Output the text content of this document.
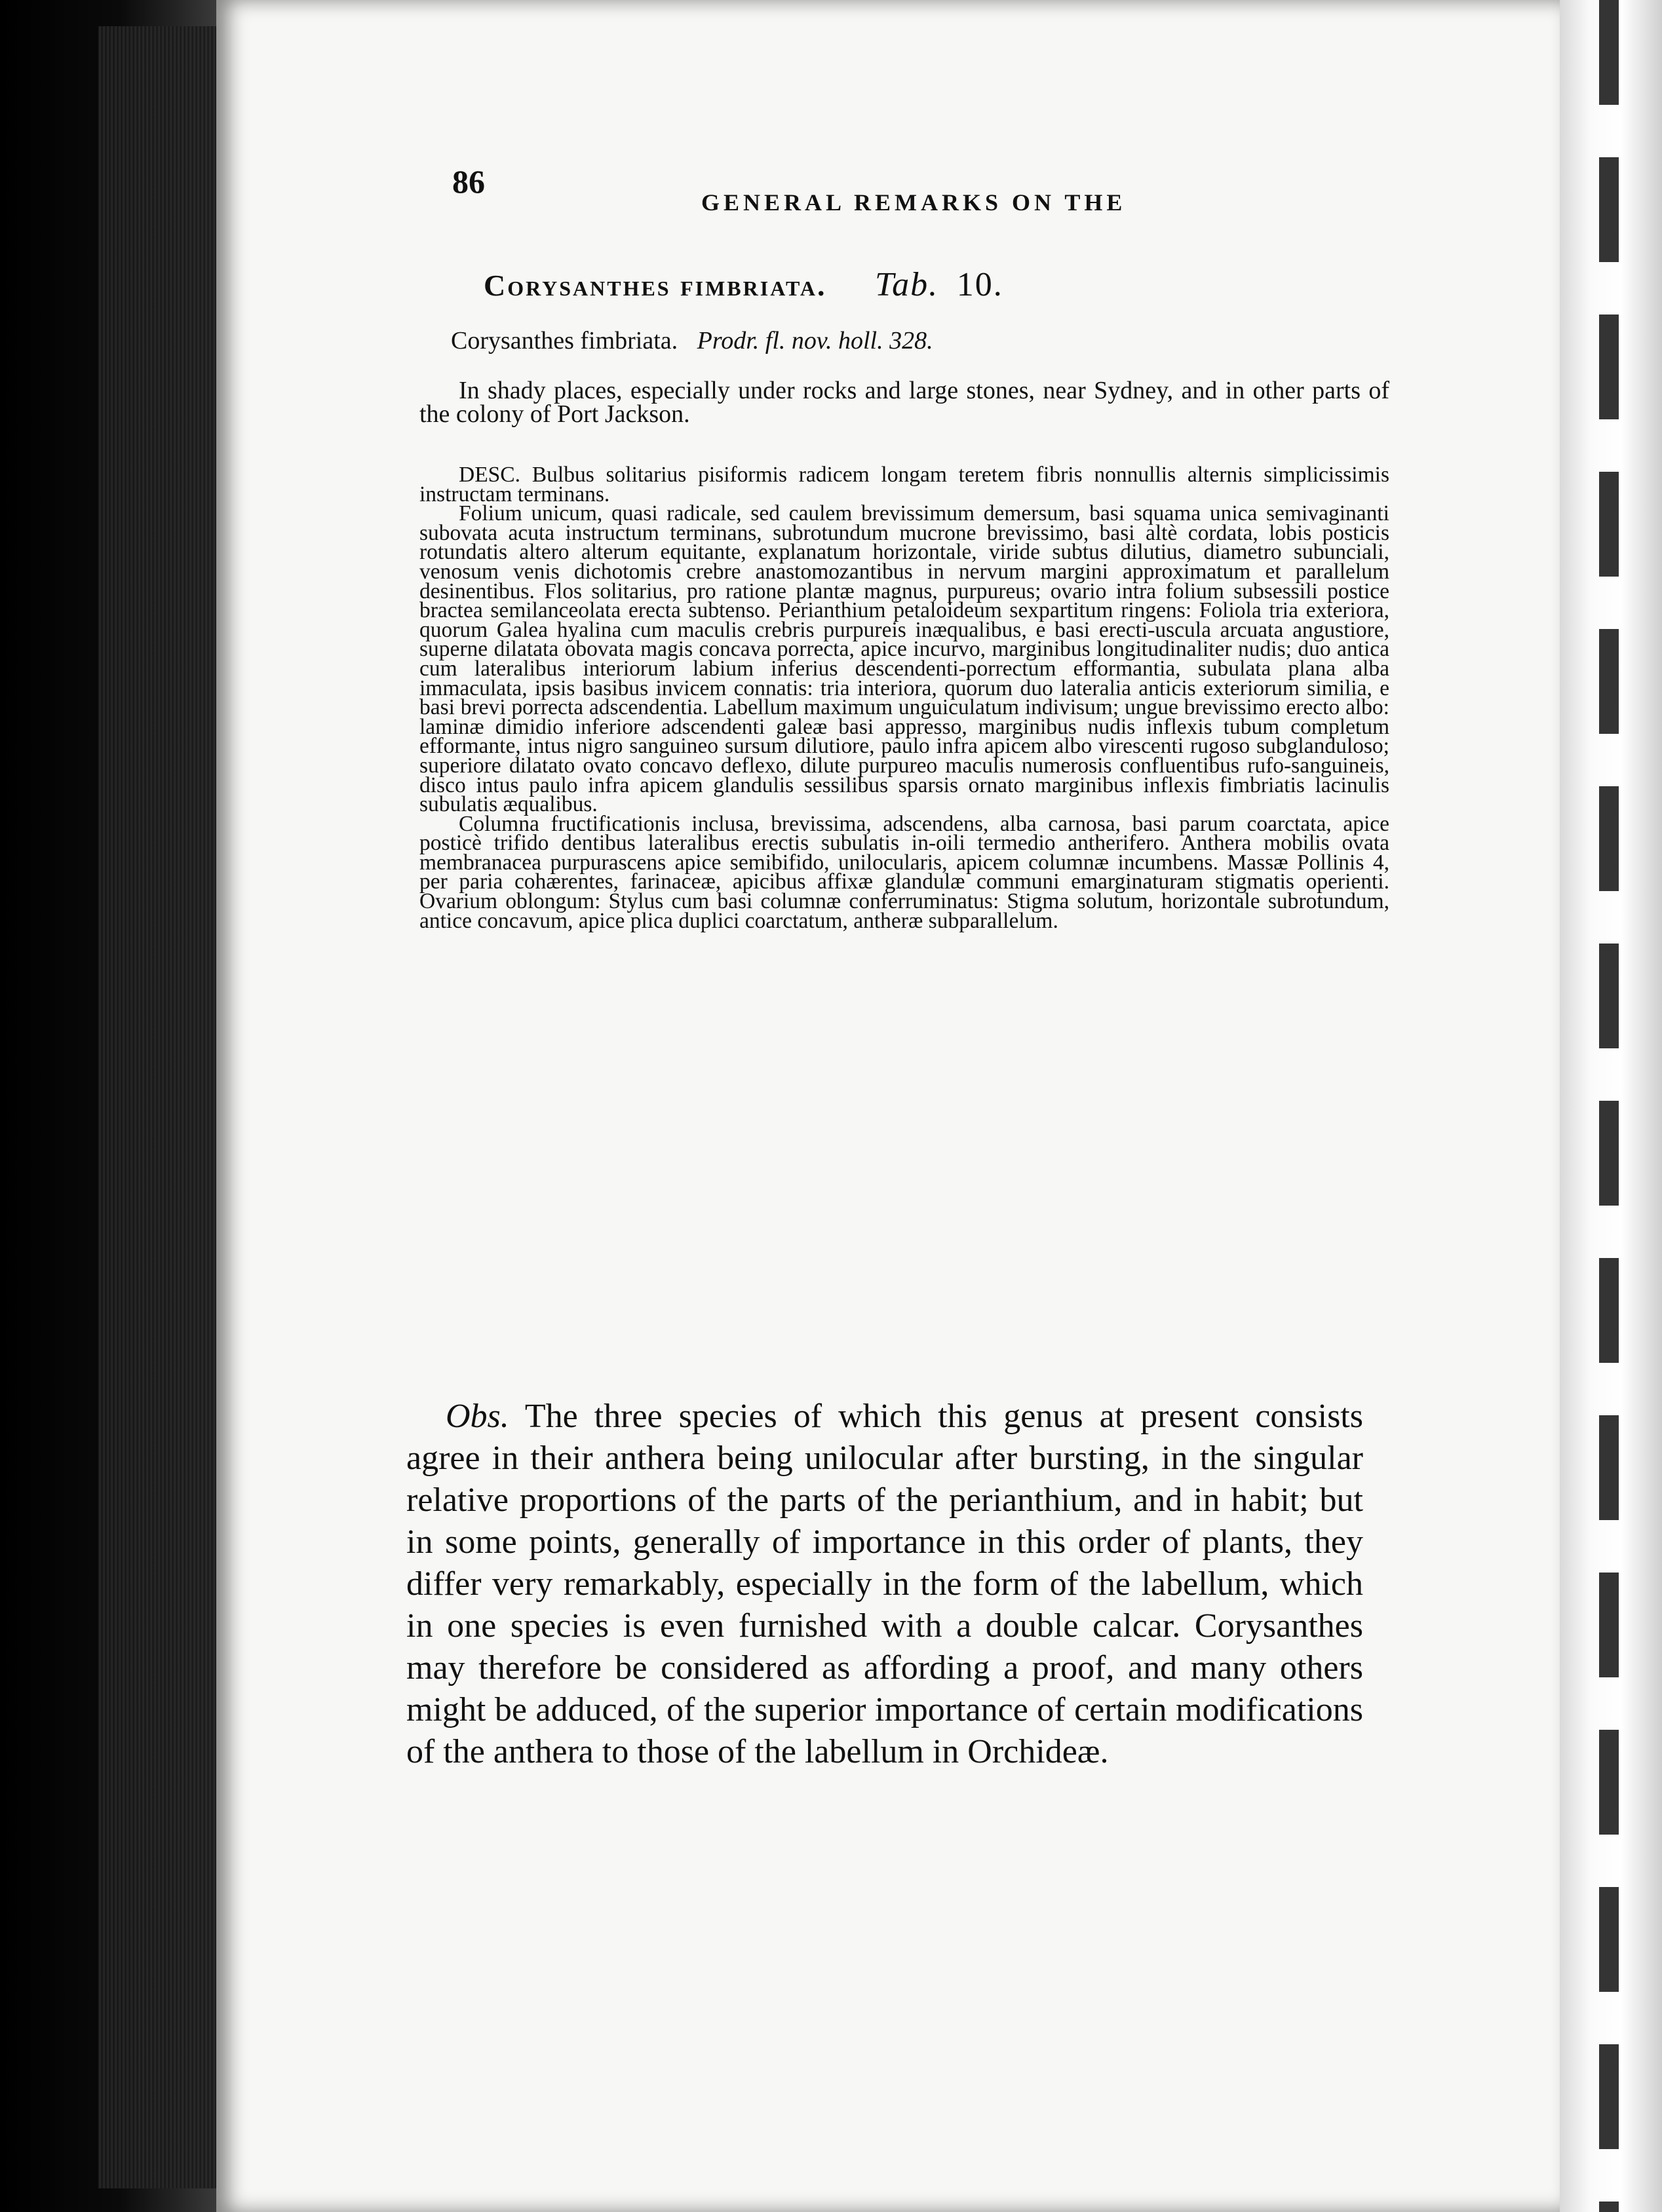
86
GENERAL REMARKS ON THE
Corysanthes fimbriata. Tab. 10.
Corysanthes fimbriata. Prodr. fl. nov. holl. 328.

In shady places, especially under rocks and large stones, near Sydney, and in other parts of the colony of Port Jackson.

DESC. Bulbus solitarius pisiformis radicem longam teretem fibris nonnullis alternis simplicissimis instructam terminans.

Folium unicum, quasi radicale, sed caulem brevissimum demersum, basi squama unica semivaginanti subovata acuta instructum terminans, subrotundum mucrone brevissimo, basi altè cordata, lobis posticis rotundatis altero alterum equitante, explanatum horizontale, viride subtus dilutius, diametro subunciali, venosum venis dichotomis crebre anastomozantibus in nervum margini approximatum et parallelum desinentibus. Flos solitarius, pro ratione plantæ magnus, purpureus; ovario intra folium subsessili postice bractea semilanceolata erecta subtenso. Perianthium petaloideum sexpartitum ringens: Foliola tria exteriora, quorum Galea hyalina cum maculis crebris purpureis inæqualibus, e basi erecti-uscula arcuata angustiore, superne dilatata obovata magis concava porrecta, apice incurvo, marginibus longitudinaliter nudis; duo antica cum lateralibus interiorum labium inferius descendenti-porrectum efformantia, subulata plana alba immaculata, ipsis basibus invicem connatis: tria interiora, quorum duo lateralia anticis exteriorum similia, e basi brevi porrecta adscendentia. Labellum maximum unguiculatum indivisum; ungue brevissimo erecto albo: laminæ dimidio inferiore adscendenti galeæ basi appresso, marginibus nudis inflexis tubum completum efformante, intus nigro sanguineo sursum dilutiore, paulo infra apicem albo virescenti rugoso subglanduloso; superiore dilatato ovato concavo deflexo, dilute purpureo maculis numerosis confluentibus rufo-sanguineis, disco intus paulo infra apicem glandulis sessilibus sparsis ornato marginibus inflexis fimbriatis lacinulis subulatis æqualibus.

Columna fructificationis inclusa, brevissima, adscendens, alba carnosa, basi parum coarctata, apice posticè trifido dentibus lateralibus erectis subulatis in-oili termedio antherifero. Anthera mobilis ovata membranacea purpurascens apice semibifido, unilocularis, apicem columnæ incumbens. Massæ Pollinis 4, per paria cohærentes, farinaceæ, apicibus affixæ glandulæ communi emarginaturam stigmatis operienti. Ovarium oblongum: Stylus cum basi columnæ conferruminatus: Stigma solutum, horizontale subrotundum, antice concavum, apice plica duplici coarctatum, antheræ subparallelum.

Obs. The three species of which this genus at present consists agree in their anthera being unilocular after bursting, in the singular relative proportions of the parts of the perianthium, and in habit; but in some points, generally of importance in this order of plants, they differ very remarkably, especially in the form of the labellum, which in one species is even furnished with a double calcar. Corysanthes may therefore be considered as affording a proof, and many others might be adduced, of the superior importance of certain modifications of the anthera to those of the labellum in Orchideæ.
